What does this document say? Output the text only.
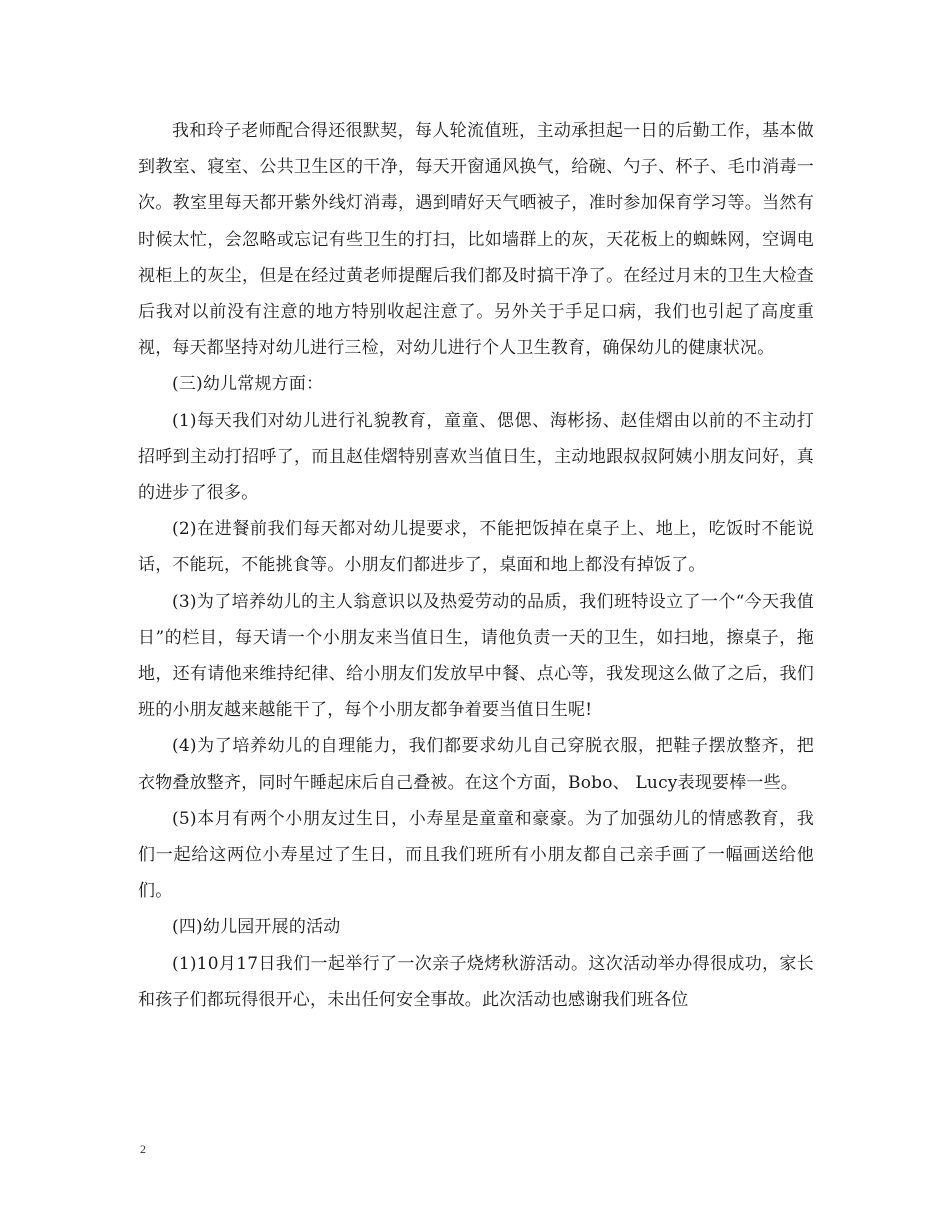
我和玲子老师配合得还很默契，每人轮流值班，主动承担起一日的后勤工作，基本做到教室、寝室、公共卫生区的干净，每天开窗通风换气，给碗、勺子、杯子、毛巾消毒一次。教室里每天都开紫外线灯消毒，遇到晴好天气晒被子，准时参加保育学习等。当然有时候太忙，会忽略或忘记有些卫生的打扫，比如墙群上的灰，天花板上的蜘蛛网，空调电视柜上的灰尘，但是在经过黄老师提醒后我们都及时搞干净了。在经过月末的卫生大检查后我对以前没有注意的地方特别收起注意了。另外关于手足口病，我们也引起了高度重视，每天都坚持对幼儿进行三检，对幼儿进行个人卫生教育，确保幼儿的健康状况。

(三)幼儿常规方面：

(1)每天我们对幼儿进行礼貌教育，童童、偲偲、海彬扬、赵佳熠由以前的不主动打招呼到主动打招呼了，而且赵佳熠特别喜欢当值日生，主动地跟叔叔阿姨小朋友问好，真的进步了很多。

(2)在进餐前我们每天都对幼儿提要求，不能把饭掉在桌子上、地上，吃饭时不能说话，不能玩，不能挑食等。小朋友们都进步了，桌面和地上都没有掉饭了。

(3)为了培养幼儿的主人翁意识以及热爱劳动的品质，我们班特设立了一个“今天我值日”的栏目，每天请一个小朋友来当值日生，请他负责一天的卫生，如扫地，擦桌子，拖地，还有请他来维持纪律、给小朋友们发放早中餐、点心等，我发现这么做了之后，我们班的小朋友越来越能干了，每个小朋友都争着要当值日生呢!

(4)为了培养幼儿的自理能力，我们都要求幼儿自己穿脱衣服，把鞋子摆放整齐，把衣物叠放整齐，同时午睡起床后自己叠被。在这个方面，Bobo、 Lucy表现要棒一些。

(5)本月有两个小朋友过生日，小寿星是童童和豪豪。为了加强幼儿的情感教育，我们一起给这两位小寿星过了生日，而且我们班所有小朋友都自己亲手画了一幅画送给他们。

(四)幼儿园开展的活动

(1)10月17日我们一起举行了一次亲子烧烤秋游活动。这次活动举办得很成功，家长和孩子们都玩得很开心，未出任何安全事故。此次活动也感谢我们班各位

2
